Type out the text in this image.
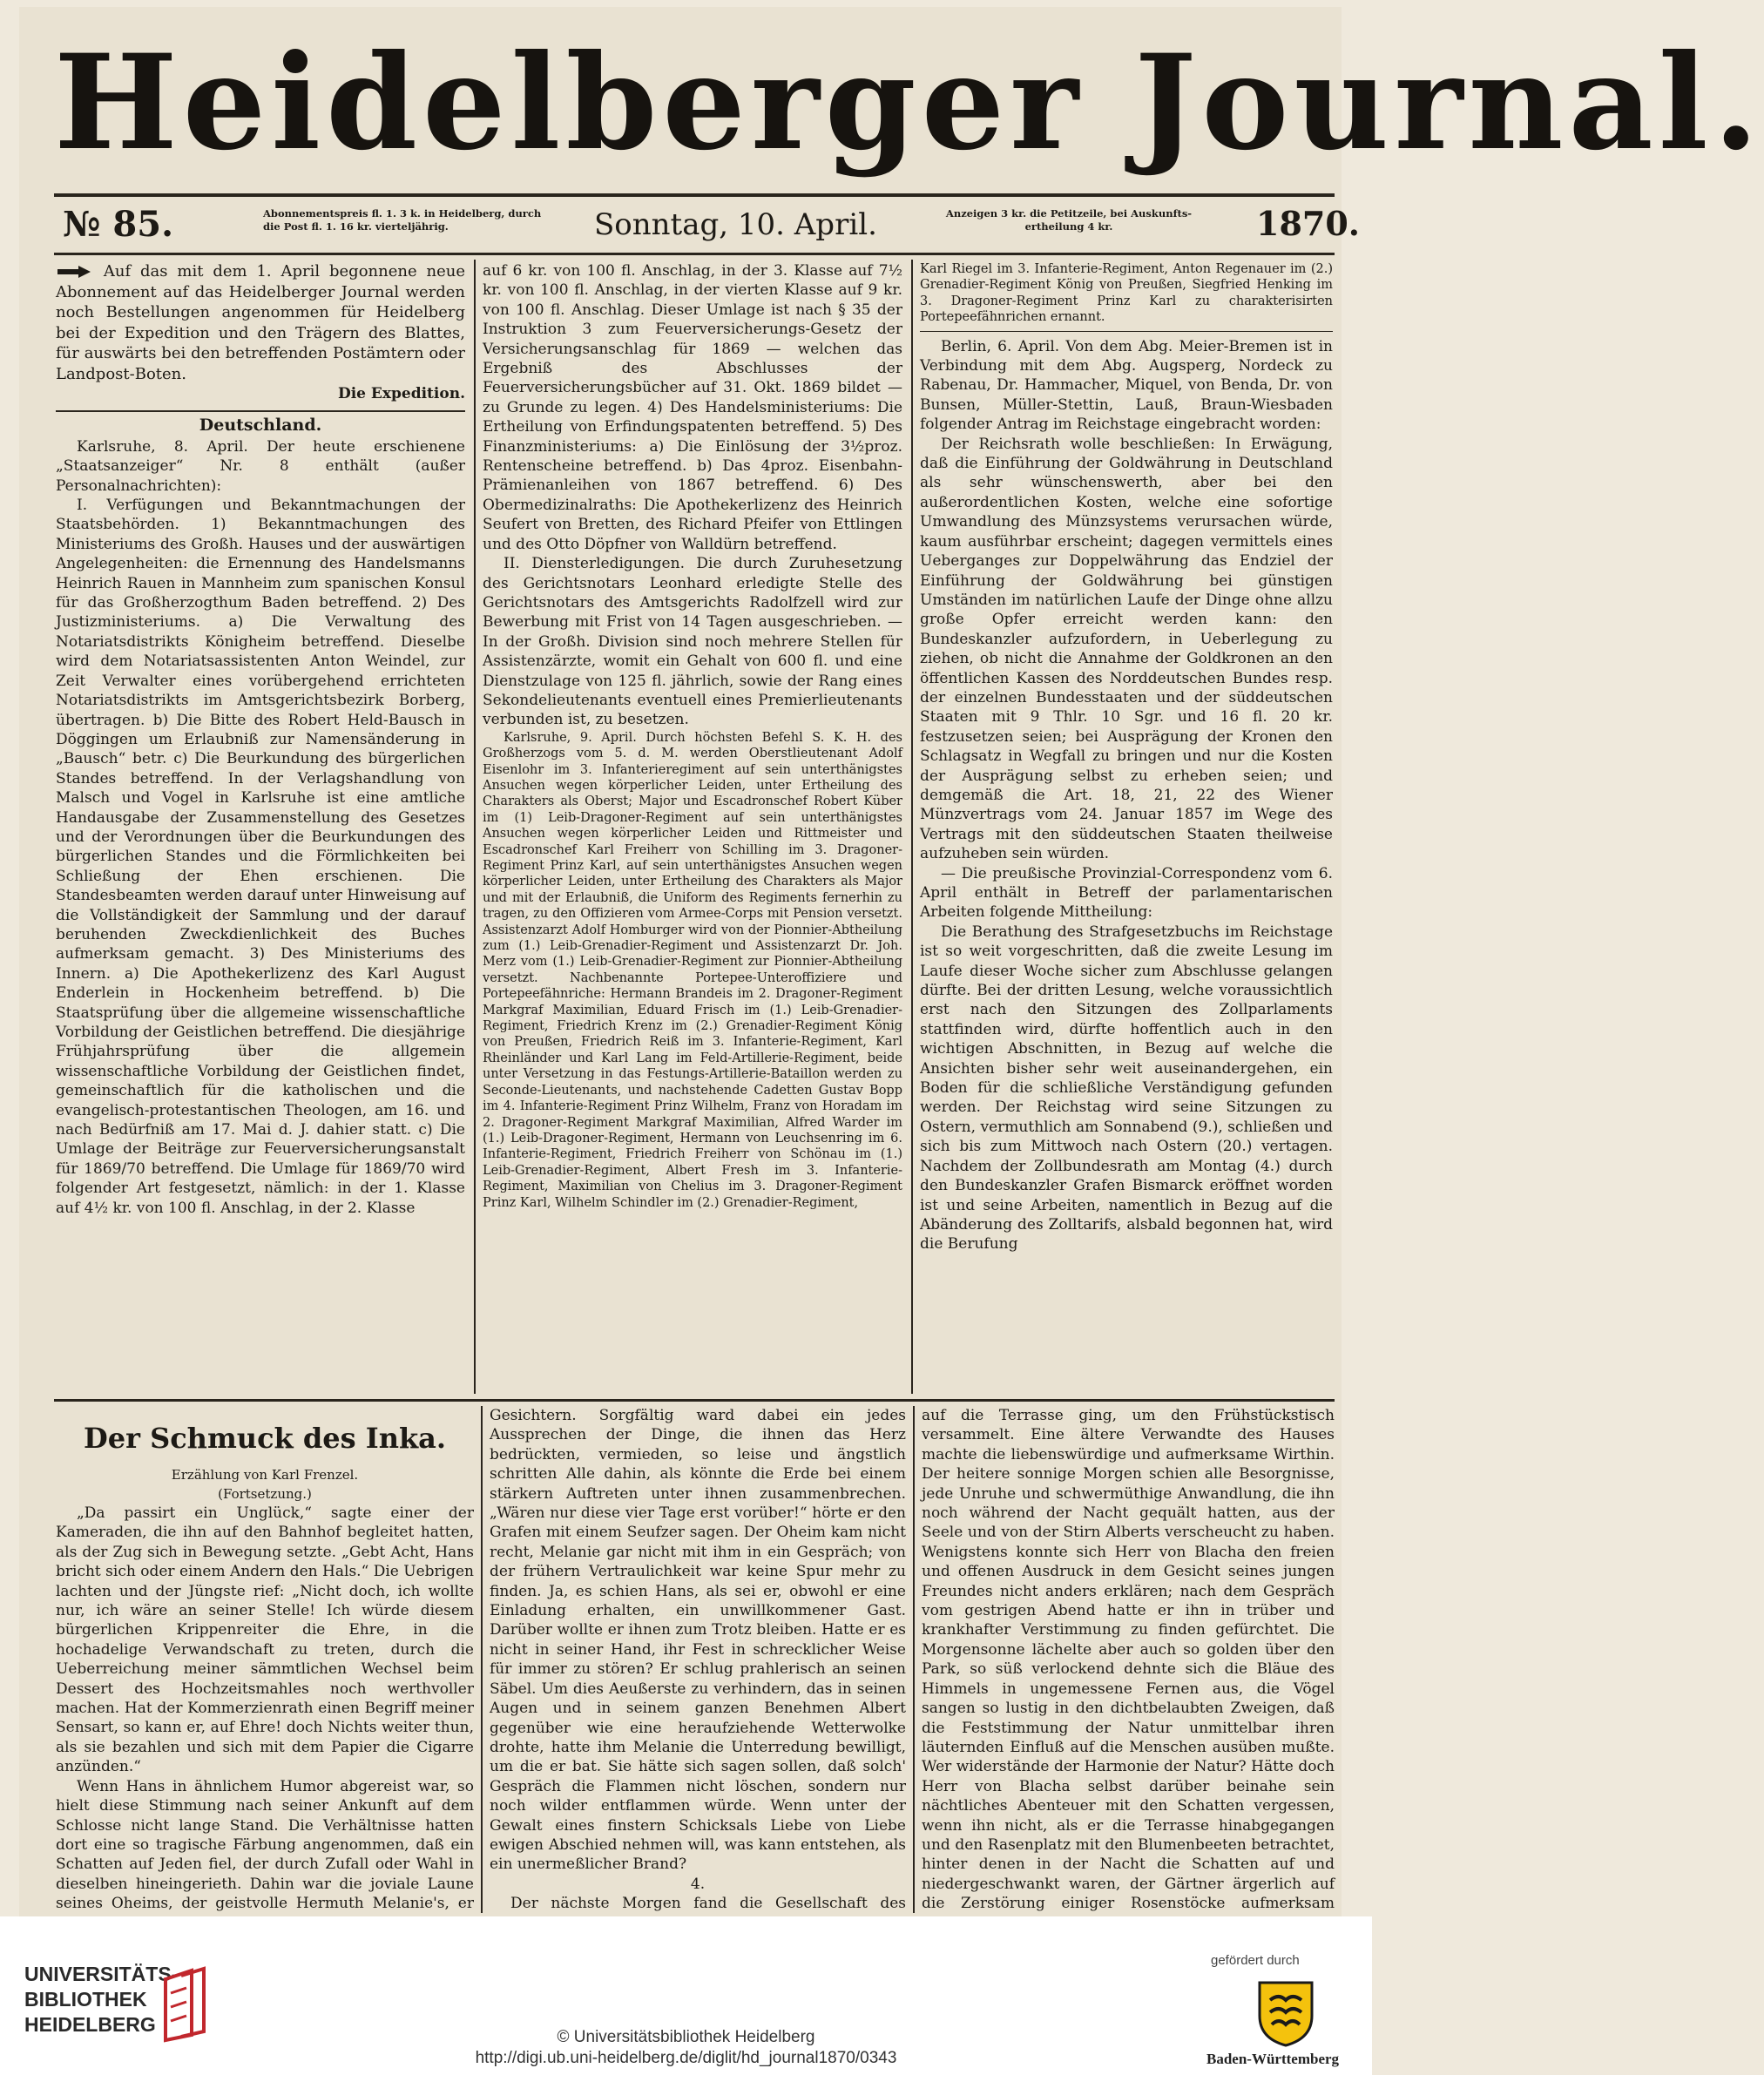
Heidelberger Journal.
№ 85.	Abonnementspreis fl. 1. 3 k. in Heidelberg, durch die Post fl. 1. 16 kr. vierteljährig.	Sonntag, 10. April.	Anzeigen 3 kr. die Petitzeile, bei Auskunfts- ertheilung 4 kr.	1870.

Auf das mit dem 1. April begonnene neue Abonnement auf das Heidelberger Journal werden noch Bestellungen angenommen für Heidelberg bei der Expedition und den Trägern des Blattes, für auswärts bei den betreffenden Postämtern oder Landpost-Boten.

Die Expedition.

Deutschland.

Karlsruhe, 8. April. Der heute erschienene „Staatsanzeiger“ Nr. 8 enthält (außer Personalnachrichten):

I. Verfügungen und Bekanntmachungen der Staatsbehörden. 1) Bekanntmachungen des Ministeriums des Großh. Hauses und der auswärtigen Angelegenheiten: die Ernennung des Handelsmanns Heinrich Rauen in Mannheim zum spanischen Konsul für das Großherzogthum Baden betreffend. 2) Des Justizministeriums. a) Die Verwaltung des Notariatsdistrikts Königheim betreffend. Dieselbe wird dem Notariatsassistenten Anton Weindel, zur Zeit Verwalter eines vorübergehend errichteten Notariatsdistrikts im Amtsgerichtsbezirk Borberg, übertragen. b) Die Bitte des Robert Held-Bausch in Döggingen um Erlaubniß zur Namensänderung in „Bausch“ betr. c) Die Beurkundung des bürgerlichen Standes betreffend. In der Verlagshandlung von Malsch und Vogel in Karlsruhe ist eine amtliche Handausgabe der Zusammenstellung des Gesetzes und der Verordnungen über die Beurkundungen des bürgerlichen Standes und die Förmlichkeiten bei Schließung der Ehen erschienen. Die Standesbeamten werden darauf unter Hinweisung auf die Vollständigkeit der Sammlung und der darauf beruhenden Zweckdienlichkeit des Buches aufmerksam gemacht. 3) Des Ministeriums des Innern. a) Die Apothekerlizenz des Karl August Enderlein in Hockenheim betreffend. b) Die Staatsprüfung über die allgemeine wissenschaftliche Vorbildung der Geistlichen betreffend. Die diesjährige Frühjahrsprüfung über die allgemein wissenschaftliche Vorbildung der Geistlichen findet, gemeinschaftlich für die katholischen und die evangelisch-protestantischen Theologen, am 16. und nach Bedürfniß am 17. Mai d. J. dahier statt. c) Die Umlage der Beiträge zur Feuerversicherungsanstalt für 1869/70 betreffend. Die Umlage für 1869/70 wird folgender Art festgesetzt, nämlich: in der 1. Klasse auf 4½ kr. von 100 fl. Anschlag, in der 2. Klasse

auf 6 kr. von 100 fl. Anschlag, in der 3. Klasse auf 7½ kr. von 100 fl. Anschlag, in der vierten Klasse auf 9 kr. von 100 fl. Anschlag. Dieser Umlage ist nach § 35 der Instruktion 3 zum Feuerversicherungs-Gesetz der Versicherungsanschlag für 1869 — welchen das Ergebniß des Abschlusses der Feuerversicherungsbücher auf 31. Okt. 1869 bildet — zu Grunde zu legen. 4) Des Handelsministeriums: Die Ertheilung von Erfindungspatenten betreffend. 5) Des Finanzministeriums: a) Die Einlösung der 3½proz. Rentenscheine betreffend. b) Das 4proz. Eisenbahn-Prämienanleihen von 1867 betreffend. 6) Des Obermedizinalraths: Die Apothekerlizenz des Heinrich Seufert von Bretten, des Richard Pfeifer von Ettlingen und des Otto Döpfner von Walldürn betreffend.

II. Diensterledigungen. Die durch Zuruhesetzung des Gerichtsnotars Leonhard erledigte Stelle des Gerichtsnotars des Amtsgerichts Radolfzell wird zur Bewerbung mit Frist von 14 Tagen ausgeschrieben. — In der Großh. Division sind noch mehrere Stellen für Assistenzärzte, womit ein Gehalt von 600 fl. und eine Dienstzulage von 125 fl. jährlich, sowie der Rang eines Sekondelieutenants eventuell eines Premierlieutenants verbunden ist, zu besetzen.

Karlsruhe, 9. April. Durch höchsten Befehl S. K. H. des Großherzogs vom 5. d. M. werden Oberstlieutenant Adolf Eisenlohr im 3. Infanterieregiment auf sein unterthänigstes Ansuchen wegen körperlicher Leiden, unter Ertheilung des Charakters als Oberst; Major und Escadronschef Robert Küber im (1) Leib-Dragoner-Regiment auf sein unterthänigstes Ansuchen wegen körperlicher Leiden und Rittmeister und Escadronschef Karl Freiherr von Schilling im 3. Dragoner-Regiment Prinz Karl, auf sein unterthänigstes Ansuchen wegen körperlicher Leiden, unter Ertheilung des Charakters als Major und mit der Erlaubniß, die Uniform des Regiments fernerhin zu tragen, zu den Offizieren vom Armee-Corps mit Pension versetzt. Assistenzarzt Adolf Homburger wird von der Pionnier-Abtheilung zum (1.) Leib-Grenadier-Regiment und Assistenzarzt Dr. Joh. Merz vom (1.) Leib-Grenadier-Regiment zur Pionnier-Abtheilung versetzt. Nachbenannte Portepee-Unteroffiziere und Portepeefähnriche: Hermann Brandeis im 2. Dragoner-Regiment Markgraf Maximilian, Eduard Frisch im (1.) Leib-Grenadier-Regiment, Friedrich Krenz im (2.) Grenadier-Regiment König von Preußen, Friedrich Reiß im 3. Infanterie-Regiment, Karl Rheinländer und Karl Lang im Feld-Artillerie-Regiment, beide unter Versetzung in das Festungs-Artillerie-Bataillon werden zu Seconde-Lieutenants, und nachstehende Cadetten Gustav Bopp im 4. Infanterie-Regiment Prinz Wilhelm, Franz von Horadam im 2. Dragoner-Regiment Markgraf Maximilian, Alfred Warder im (1.) Leib-Dragoner-Regiment, Hermann von Leuchsenring im 6. Infanterie-Regiment, Friedrich Freiherr von Schönau im (1.) Leib-Grenadier-Regiment, Albert Fresh im 3. Infanterie-Regiment, Maximilian von Chelius im 3. Dragoner-Regiment Prinz Karl, Wilhelm Schindler im (2.) Grenadier-Regiment,

Karl Riegel im 3. Infanterie-Regiment, Anton Regenauer im (2.) Grenadier-Regiment König von Preußen, Siegfried Henking im 3. Dragoner-Regiment Prinz Karl zu charakterisirten Portepeefähnrichen ernannt.

Berlin, 6. April. Von dem Abg. Meier-Bremen ist in Verbindung mit dem Abg. Augsperg, Nordeck zu Rabenau, Dr. Hammacher, Miquel, von Benda, Dr. von Bunsen, Müller-Stettin, Lauß, Braun-Wiesbaden folgender Antrag im Reichstage eingebracht worden:

Der Reichsrath wolle beschließen: In Erwägung, daß die Einführung der Goldwährung in Deutschland als sehr wünschenswerth, aber bei den außerordentlichen Kosten, welche eine sofortige Umwandlung des Münzsystems verursachen würde, kaum ausführbar erscheint; dagegen vermittels eines Ueberganges zur Doppelwährung das Endziel der Einführung der Goldwährung bei günstigen Umständen im natürlichen Laufe der Dinge ohne allzu große Opfer erreicht werden kann: den Bundeskanzler aufzufordern, in Ueberlegung zu ziehen, ob nicht die Annahme der Goldkronen an den öffentlichen Kassen des Norddeutschen Bundes resp. der einzelnen Bundesstaaten und der süddeutschen Staaten mit 9 Thlr. 10 Sgr. und 16 fl. 20 kr. festzusetzen seien; bei Ausprägung der Kronen den Schlagsatz in Wegfall zu bringen und nur die Kosten der Ausprägung selbst zu erheben seien; und demgemäß die Art. 18, 21, 22 des Wiener Münzvertrags vom 24. Januar 1857 im Wege des Vertrags mit den süddeutschen Staaten theilweise aufzuheben sein würden.

— Die preußische Provinzial-Correspondenz vom 6. April enthält in Betreff der parlamentarischen Arbeiten folgende Mittheilung:

Die Berathung des Strafgesetzbuchs im Reichstage ist so weit vorgeschritten, daß die zweite Lesung im Laufe dieser Woche sicher zum Abschlusse gelangen dürfte. Bei der dritten Lesung, welche voraussichtlich erst nach den Sitzungen des Zollparlaments stattfinden wird, dürfte hoffentlich auch in den wichtigen Abschnitten, in Bezug auf welche die Ansichten bisher sehr weit auseinandergehen, ein Boden für die schließliche Verständigung gefunden werden. Der Reichstag wird seine Sitzungen zu Ostern, vermuthlich am Sonnabend (9.), schließen und sich bis zum Mittwoch nach Ostern (20.) vertagen. Nachdem der Zollbundesrath am Montag (4.) durch den Bundeskanzler Grafen Bismarck eröffnet worden ist und seine Arbeiten, namentlich in Bezug auf die Abänderung des Zolltarifs, alsbald begonnen hat, wird die Berufung

Der Schmuck des Inka.

Erzählung von Karl Frenzel.

(Fortsetzung.)

„Da passirt ein Unglück,“ sagte einer der Kameraden, die ihn auf den Bahnhof begleitet hatten, als der Zug sich in Bewegung setzte. „Gebt Acht, Hans bricht sich oder einem Andern den Hals.“ Die Uebrigen lachten und der Jüngste rief: „Nicht doch, ich wollte nur, ich wäre an seiner Stelle! Ich würde diesem bürgerlichen Krippenreiter die Ehre, in die hochadelige Verwandschaft zu treten, durch die Ueberreichung meiner sämmtlichen Wechsel beim Dessert des Hochzeitsmahles noch werthvoller machen. Hat der Kommerzienrath einen Begriff meiner Sensart, so kann er, auf Ehre! doch Nichts weiter thun, als sie bezahlen und sich mit dem Papier die Cigarre anzünden.“

Wenn Hans in ähnlichem Humor abgereist war, so hielt diese Stimmung nach seiner Ankunft auf dem Schlosse nicht lange Stand. Die Verhältnisse hatten dort eine so tragische Färbung angenommen, daß ein Schatten auf Jeden fiel, der durch Zufall oder Wahl in dieselben hineingerieth. Dahin war die joviale Laune seines Oheims, der geistvolle Hermuth Melanie's, er

Gesichtern. Sorgfältig ward dabei ein jedes Aussprechen der Dinge, die ihnen das Herz bedrückten, vermieden, so leise und ängstlich schritten Alle dahin, als könnte die Erde bei einem stärkern Auftreten unter ihnen zusammenbrechen. „Wären nur diese vier Tage erst vorüber!“ hörte er den Grafen mit einem Seufzer sagen. Der Oheim kam nicht recht, Melanie gar nicht mit ihm in ein Gespräch; von der frühern Vertraulichkeit war keine Spur mehr zu finden. Ja, es schien Hans, als sei er, obwohl er eine Einladung erhalten, ein unwillkommener Gast. Darüber wollte er ihnen zum Trotz bleiben. Hatte er es nicht in seiner Hand, ihr Fest in schrecklicher Weise für immer zu stören? Er schlug prahlerisch an seinen Säbel. Um dies Aeußerste zu verhindern, das in seinen Augen und in seinem ganzen Benehmen Albert gegenüber wie eine heraufziehende Wetterwolke drohte, hatte ihm Melanie die Unterredung bewilligt, um die er bat. Sie hätte sich sagen sollen, daß solch' Gespräch die Flammen nicht löschen, sondern nur noch wilder entflammen würde. Wenn unter der Gewalt eines finstern Schicksals Liebe von Liebe ewigen Abschied nehmen will, was kann entstehen, als ein unermeßlicher Brand?

4.

Der nächste Morgen fand die Gesellschaft des

auf die Terrasse ging, um den Frühstückstisch versammelt. Eine ältere Verwandte des Hauses machte die liebenswürdige und aufmerksame Wirthin. Der heitere sonnige Morgen schien alle Besorgnisse, jede Unruhe und schwermüthige Anwandlung, die ihn noch während der Nacht gequält hatten, aus der Seele und von der Stirn Alberts verscheucht zu haben. Wenigstens konnte sich Herr von Blacha den freien und offenen Ausdruck in dem Gesicht seines jungen Freundes nicht anders erklären; nach dem Gespräch vom gestrigen Abend hatte er ihn in trüber und krankhafter Verstimmung zu finden gefürchtet. Die Morgensonne lächelte aber auch so golden über den Park, so süß verlockend dehnte sich die Bläue des Himmels in ungemessene Fernen aus, die Vögel sangen so lustig in den dichtbelaubten Zweigen, daß die Feststimmung der Natur unmittelbar ihren läuternden Einfluß auf die Menschen ausüben mußte. Wer widerstände der Harmonie der Natur? Hätte doch Herr von Blacha selbst darüber beinahe sein nächtliches Abenteuer mit den Schatten vergessen, wenn ihn nicht, als er die Terrasse hinabgegangen und den Rasenplatz mit den Blumenbeeten betrachtet, hinter denen in der Nacht die Schatten auf und niedergeschwankt waren, der Gärtner ärgerlich auf die Zerstörung einiger Rosenstöcke aufmerksam

UNIVERSITÄTS-
BIBLIOTHEK
HEIDELBERG
© Universitätsbibliothek Heidelberg
http://digi.ub.uni-heidelberg.de/diglit/hd_journal1870/0343
gefördert durch
Baden-Württemberg
